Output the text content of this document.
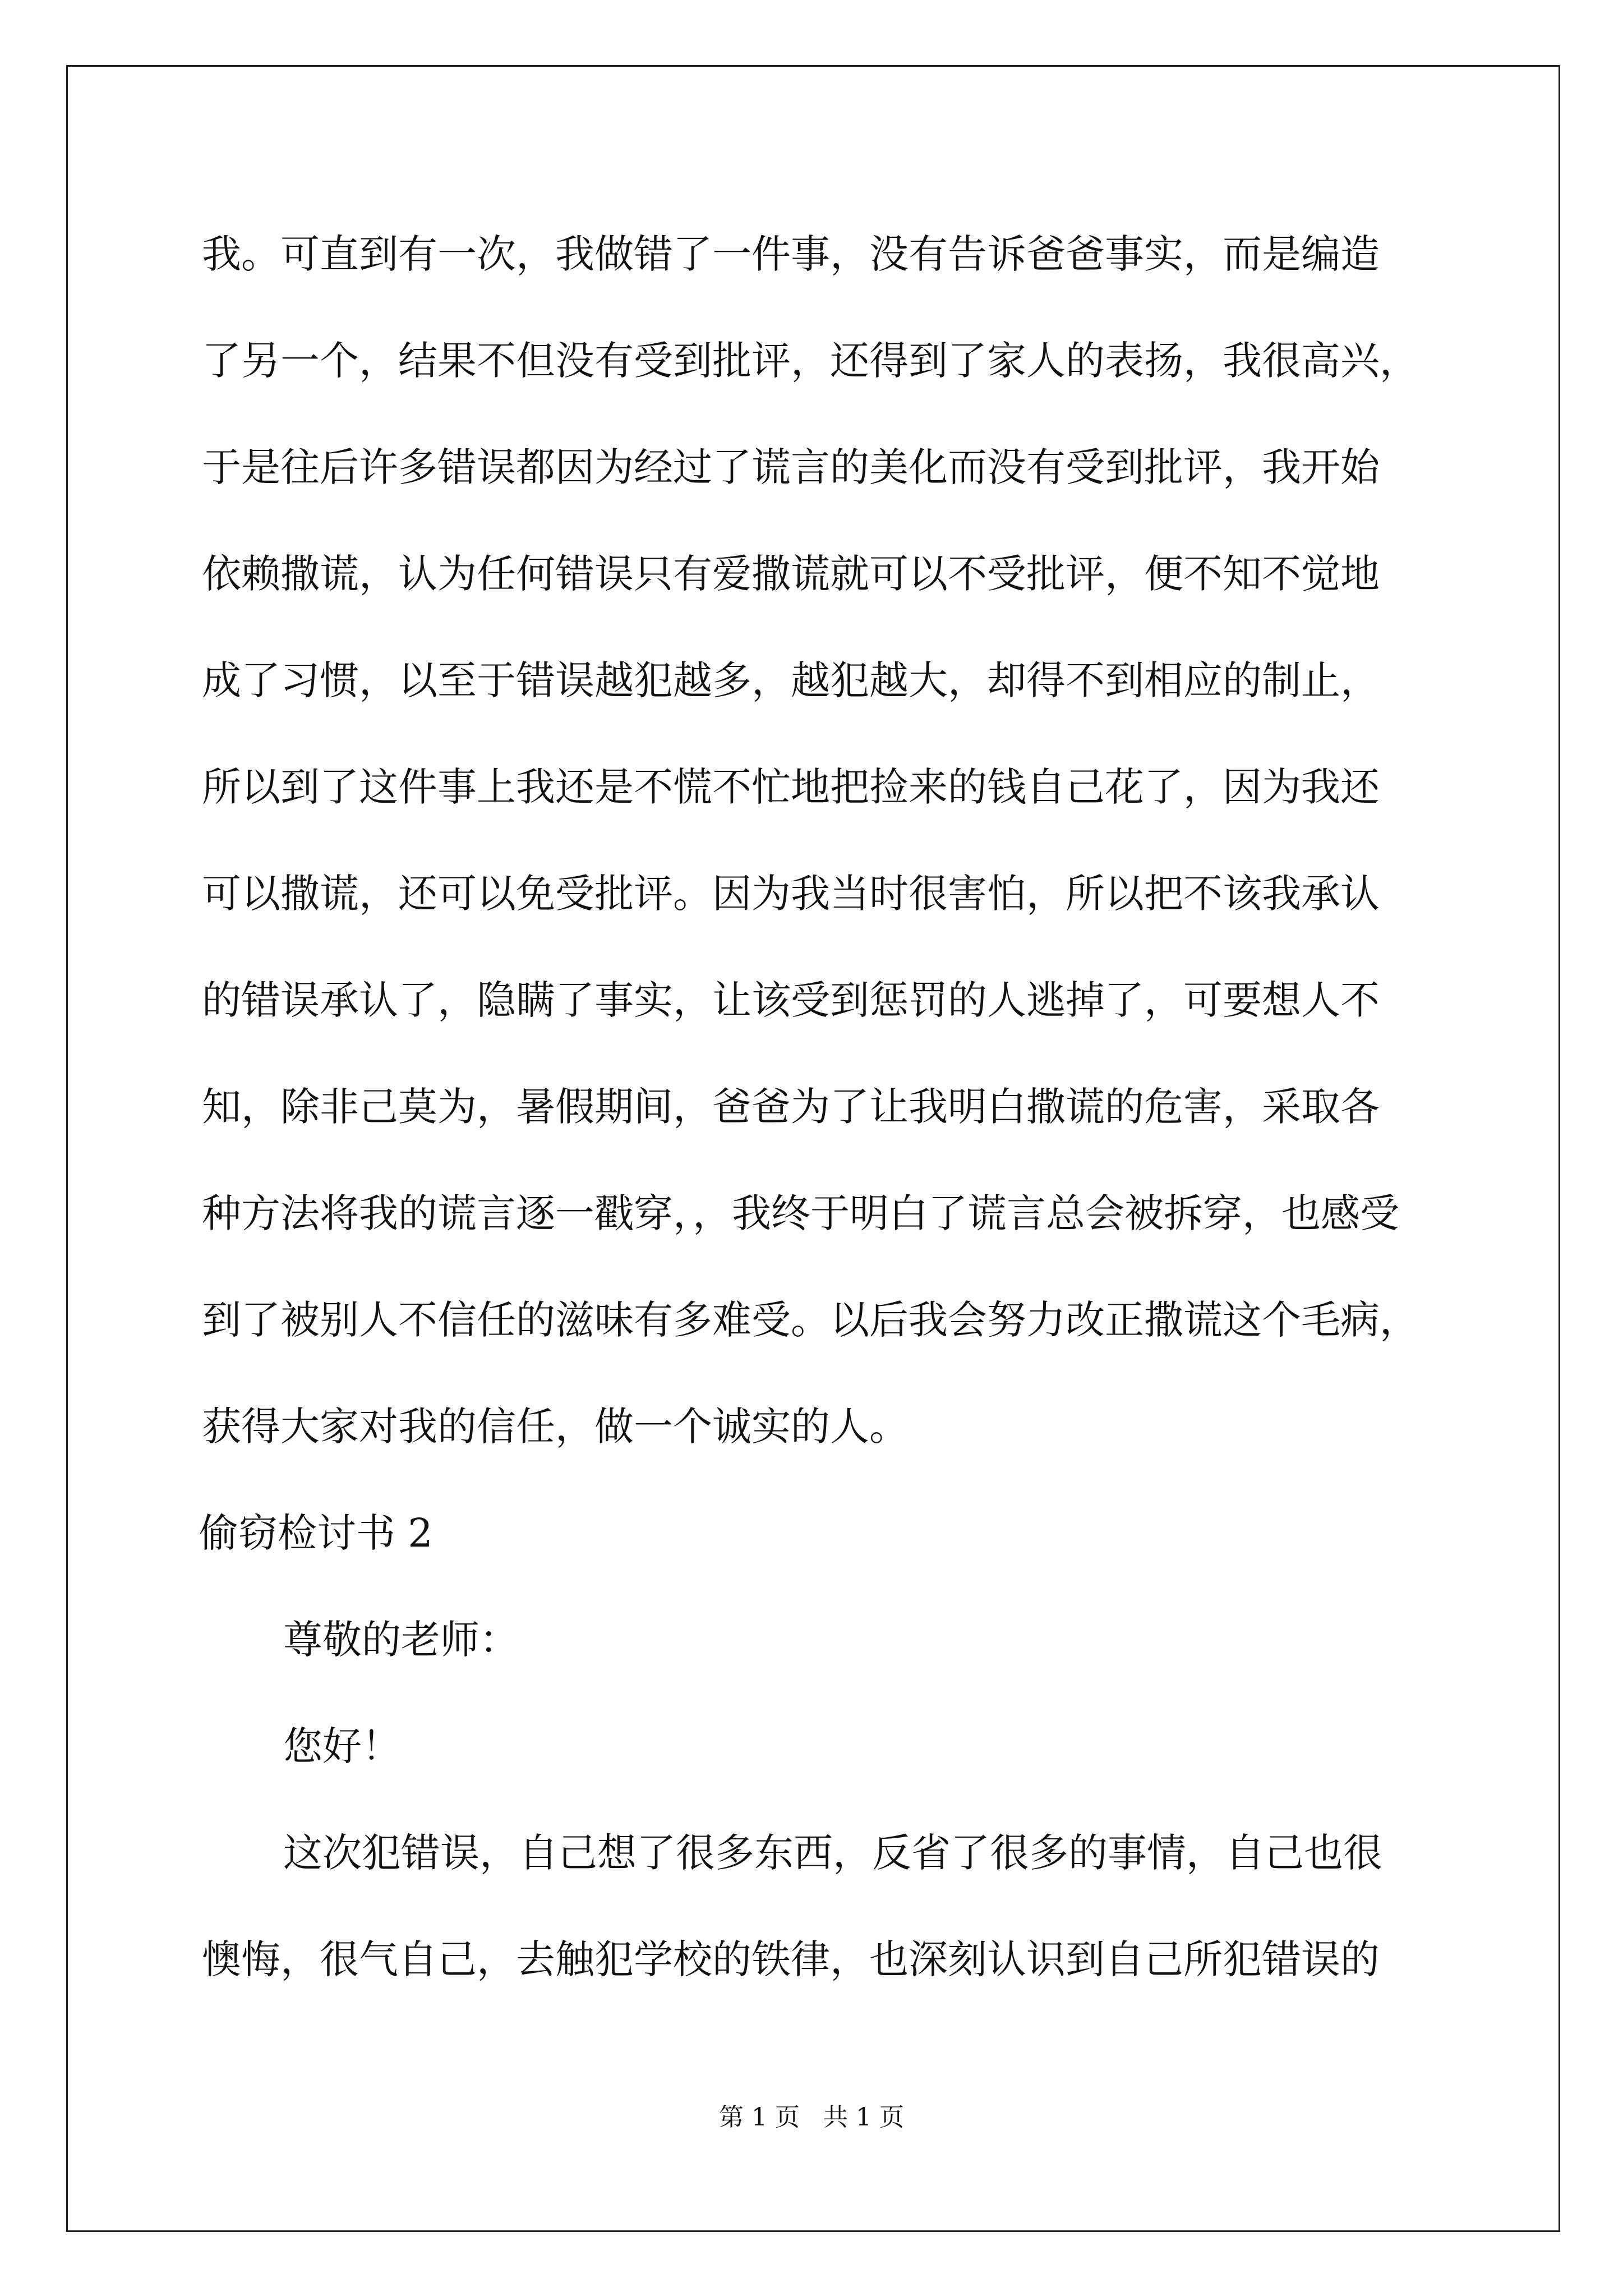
我。可直到有一次，我做错了一件事，没有告诉爸爸事实，而是编造
了另一个，结果不但没有受到批评，还得到了家人的表扬，我很高兴，
于是往后许多错误都因为经过了谎言的美化而没有受到批评，我开始
依赖撒谎，认为任何错误只有爱撒谎就可以不受批评，便不知不觉地
成了习惯，以至于错误越犯越多，越犯越大，却得不到相应的制止，
所以到了这件事上我还是不慌不忙地把捡来的钱自己花了，因为我还
可以撒谎，还可以免受批评。因为我当时很害怕，所以把不该我承认
的错误承认了，隐瞒了事实，让该受到惩罚的人逃掉了，可要想人不
知，除非己莫为，暑假期间，爸爸为了让我明白撒谎的危害，采取各
种方法将我的谎言逐一戳穿，，我终于明白了谎言总会被拆穿，也感受
到了被别人不信任的滋味有多难受。以后我会努力改正撒谎这个毛病，
获得大家对我的信任，做一个诚实的人。
偷窃检讨书 2
尊敬的老师：
您好！
这次犯错误，自己想了很多东西，反省了很多的事情，自己也很
懊悔，很气自己，去触犯学校的铁律，也深刻认识到自己所犯错误的
第 1 页   共 1 页
